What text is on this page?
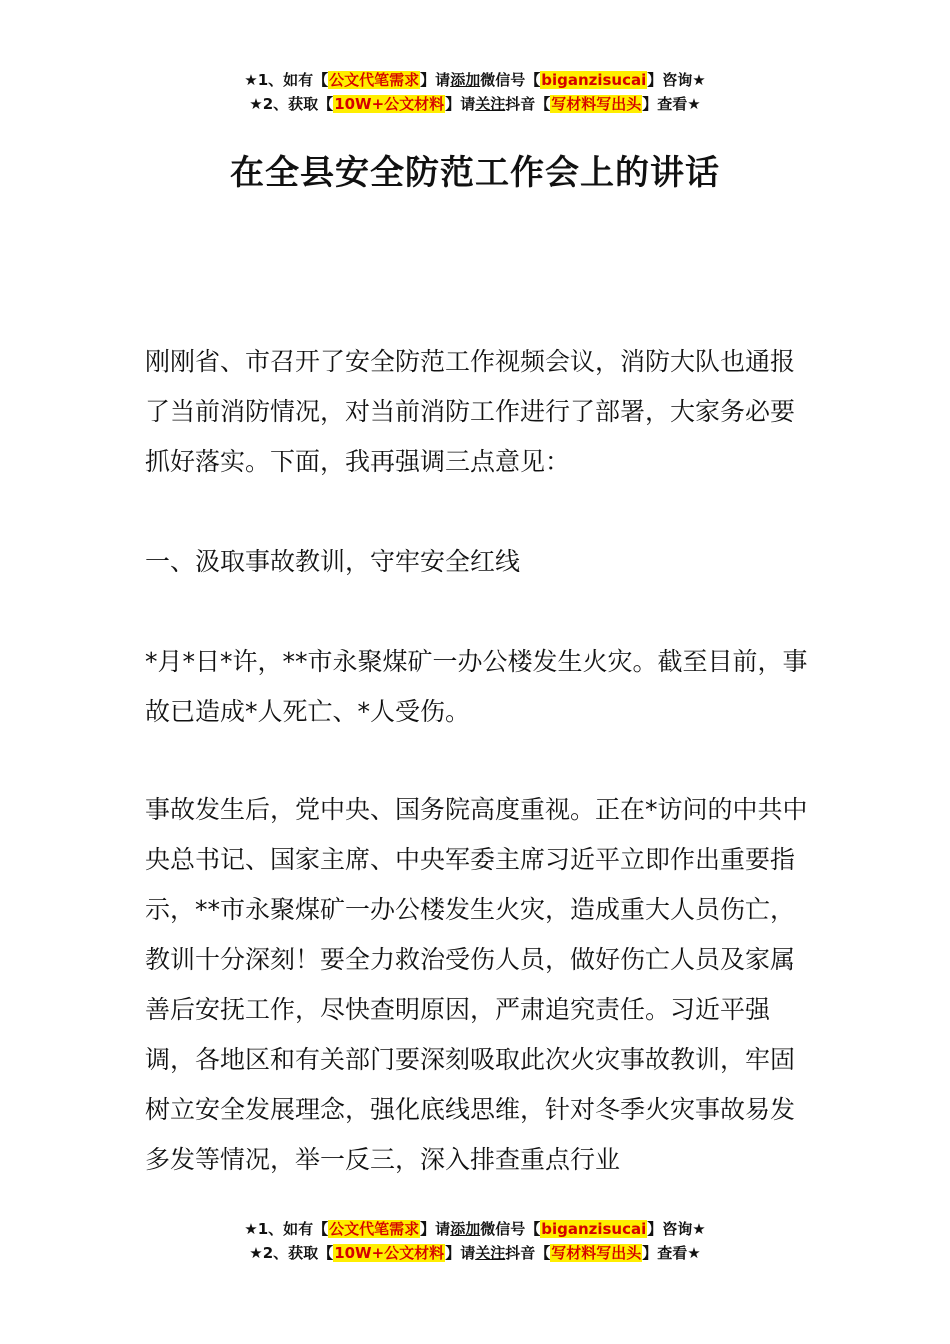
★1、如有【公文代笔需求】请添加微信号【biganzisucai】咨询★
★2、获取【10W+公文材料】请关注抖音【写材料写出头】查看★
在全县安全防范工作会上的讲话

刚刚省、市召开了安全防范工作视频会议，消防大队也通报了当前消防情况，对当前消防工作进行了部署，大家务必要抓好落实。下面，我再强调三点意见：

一、汲取事故教训，守牢安全红线

*月*日*许，**市永聚煤矿一办公楼发生火灾。截至目前，事故已造成*人死亡、*人受伤。

事故发生后，党中央、国务院高度重视。正在*访问的中共中央总书记、国家主席、中央军委主席习近平立即作出重要指示，**市永聚煤矿一办公楼发生火灾，造成重大人员伤亡，教训十分深刻！要全力救治受伤人员，做好伤亡人员及家属善后安抚工作，尽快查明原因，严肃追究责任。习近平强调，各地区和有关部门要深刻吸取此次火灾事故教训，牢固树立安全发展理念，强化底线思维，针对冬季火灾事故易发多发等情况，举一反三，深入排查重点行业

★1、如有【公文代笔需求】请添加微信号【biganzisucai】咨询★
★2、获取【10W+公文材料】请关注抖音【写材料写出头】查看★
